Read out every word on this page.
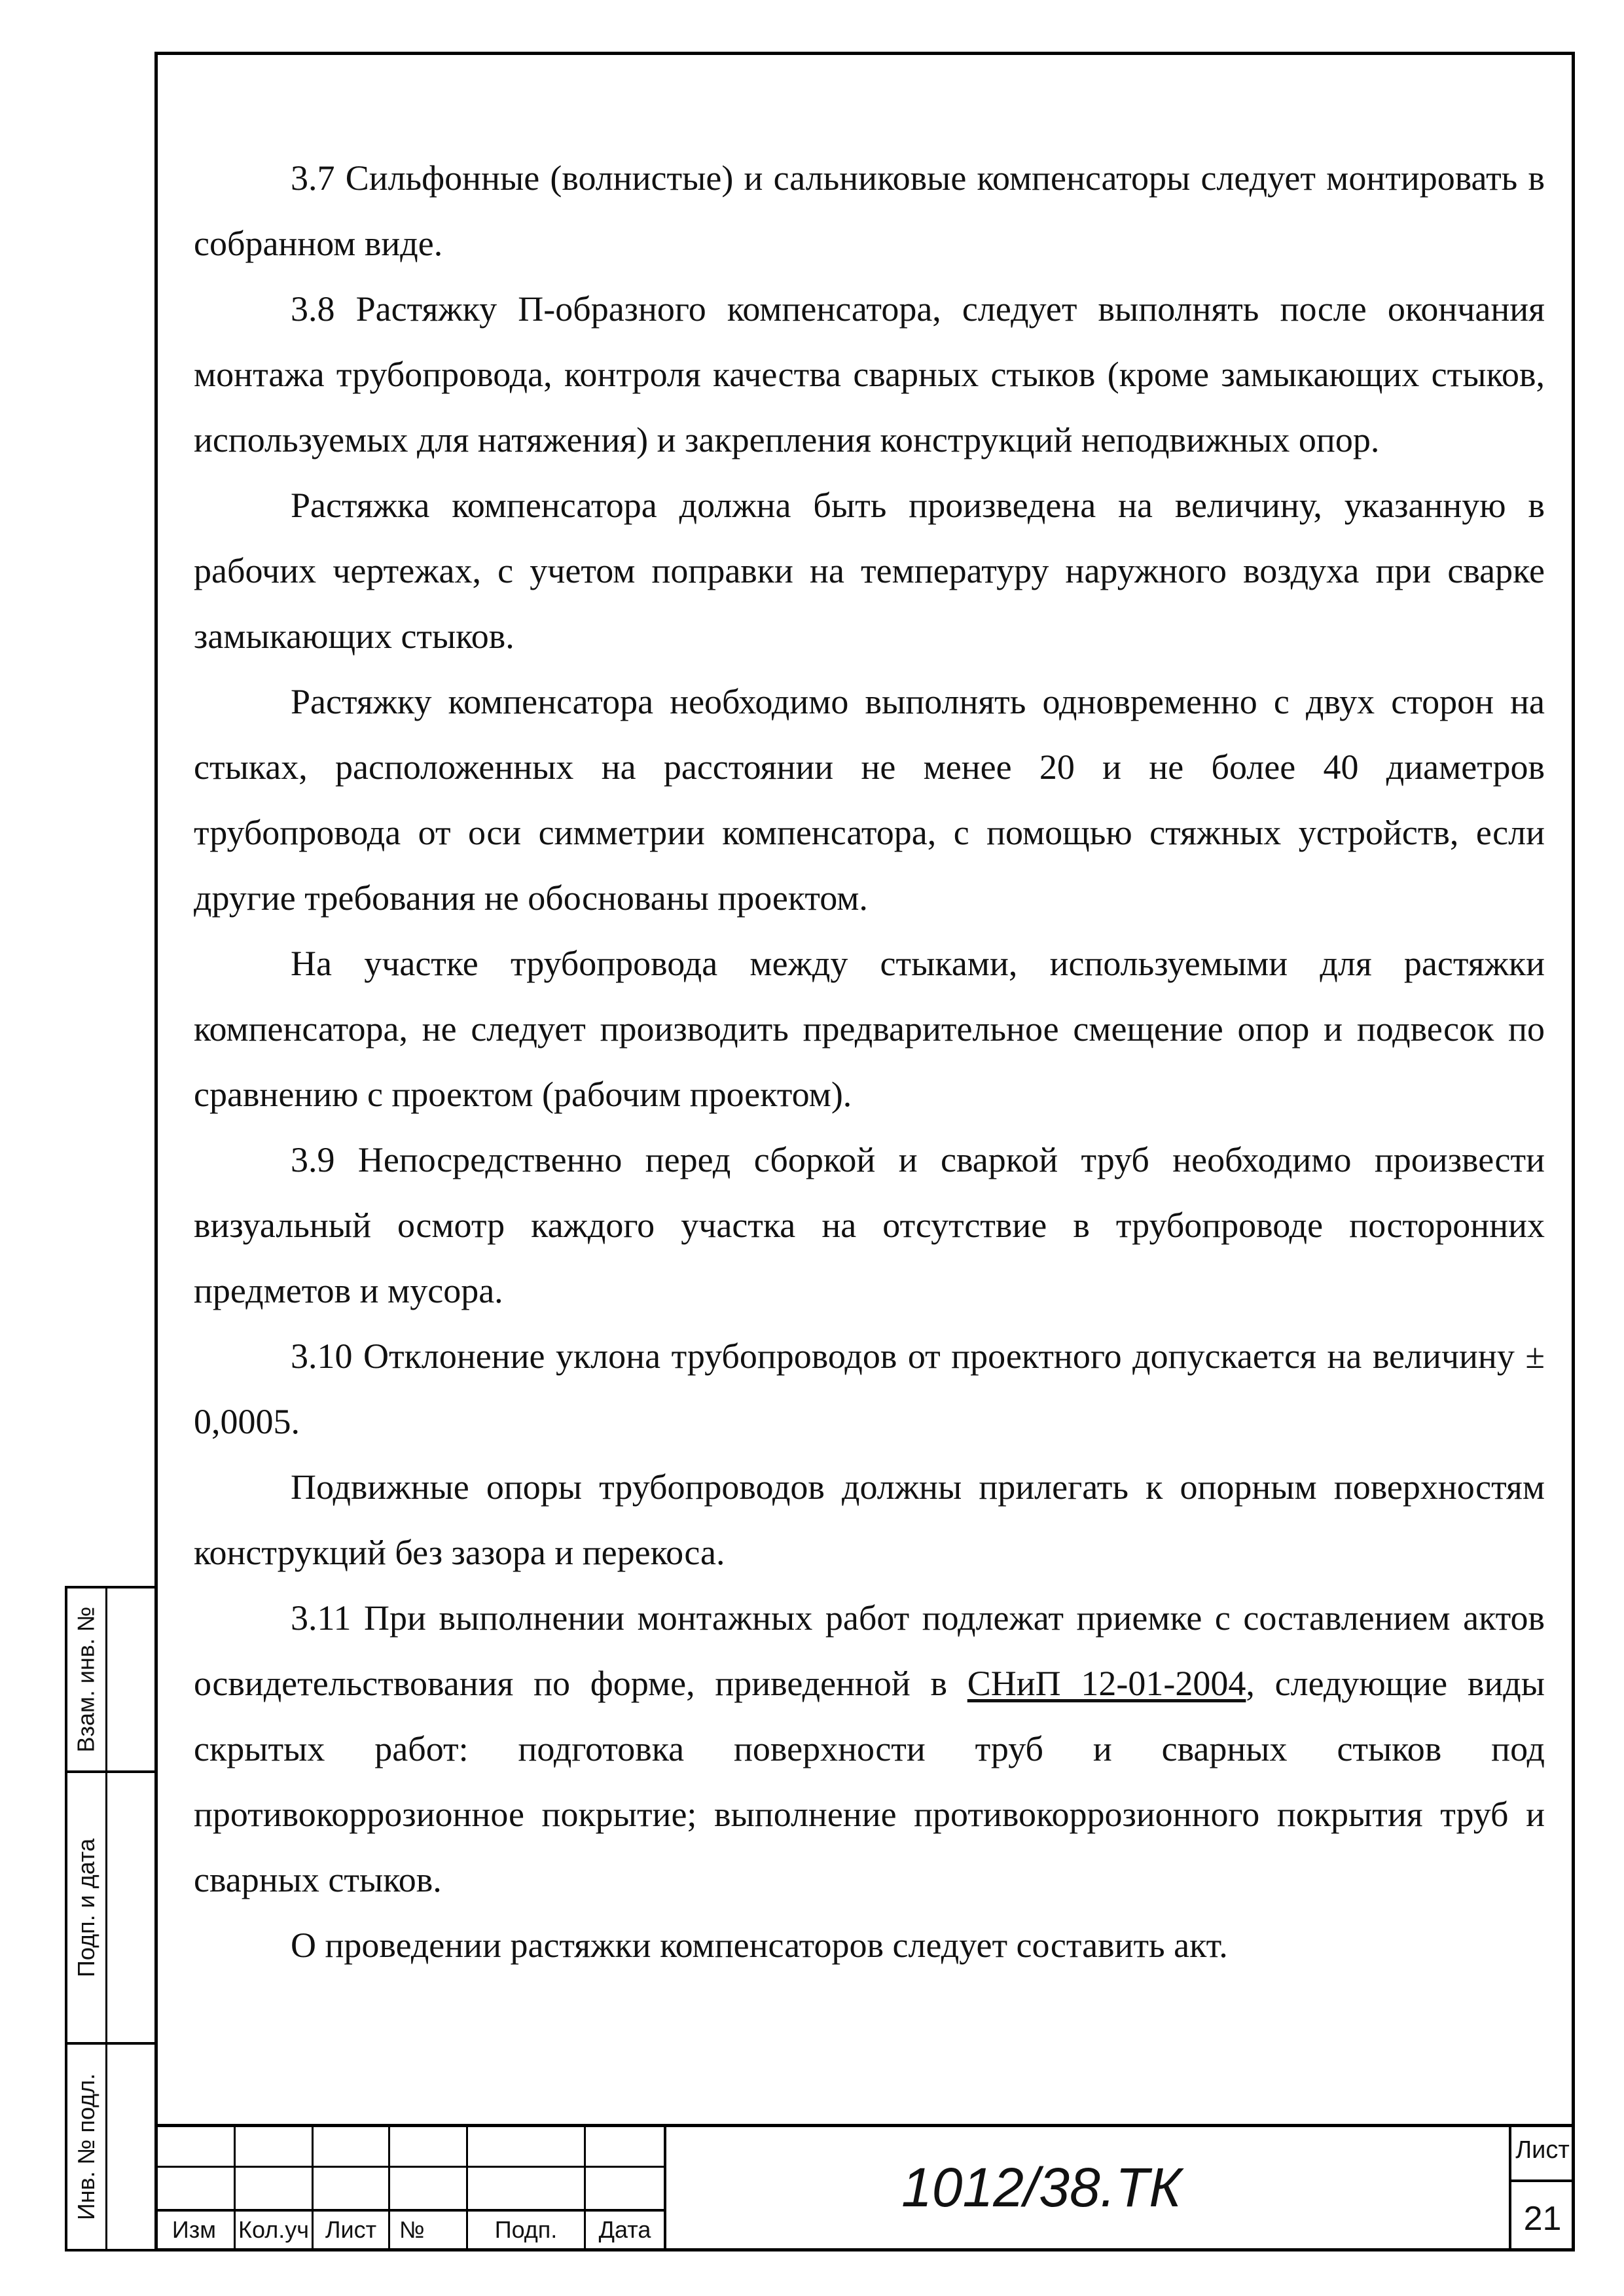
3.7 Сильфонные (волнистые) и сальниковые компенсаторы следует монтировать в собранном виде.

3.8 Растяжку П-образного компенсатора, следует выполнять после окончания монтажа трубопровода, контроля качества сварных стыков (кроме замыкающих стыков, используемых для натяжения) и закрепления конструкций неподвижных опор.

Растяжка компенсатора должна быть произведена на величину, указанную в рабочих чертежах, с учетом поправки на температуру наружного воздуха при сварке замыкающих стыков.

Растяжку компенсатора необходимо выполнять одновременно с двух сторон на стыках, расположенных на расстоянии не менее 20 и не более 40 диаметров трубопровода от оси симметрии компенсатора, с помощью стяжных устройств, если другие требования не обоснованы проектом.

На участке трубопровода между стыками, используемыми для растяжки компенсатора, не следует производить предварительное смещение опор и подвесок по сравнению с проектом (рабочим проектом).

3.9 Непосредственно перед сборкой и сваркой труб необходимо произвести визуальный осмотр каждого участка на отсутствие в трубопроводе посторонних предметов и мусора.

3.10 Отклонение уклона трубопроводов от проектного допускается на величину ± 0,0005.

Подвижные опоры трубопроводов должны прилегать к опорным поверхностям конструкций без зазора и перекоса.

3.11 При выполнении монтажных работ подлежат приемке с составлением актов освидетельствования по форме, приведенной в СНиП 12-01-2004, следующие виды скрытых работ: подготовка поверхности труб и сварных стыков под противокоррозионное покрытие; выполнение противокоррозионного покрытия труб и сварных стыков.

О проведении растяжки компенсаторов следует составить акт.

Взам. инв. №
Подп. и дата
Инв. № подл.
Изм Кол.уч Лист №	Подп.	Дата
1012/38.ТК
Лист
21
